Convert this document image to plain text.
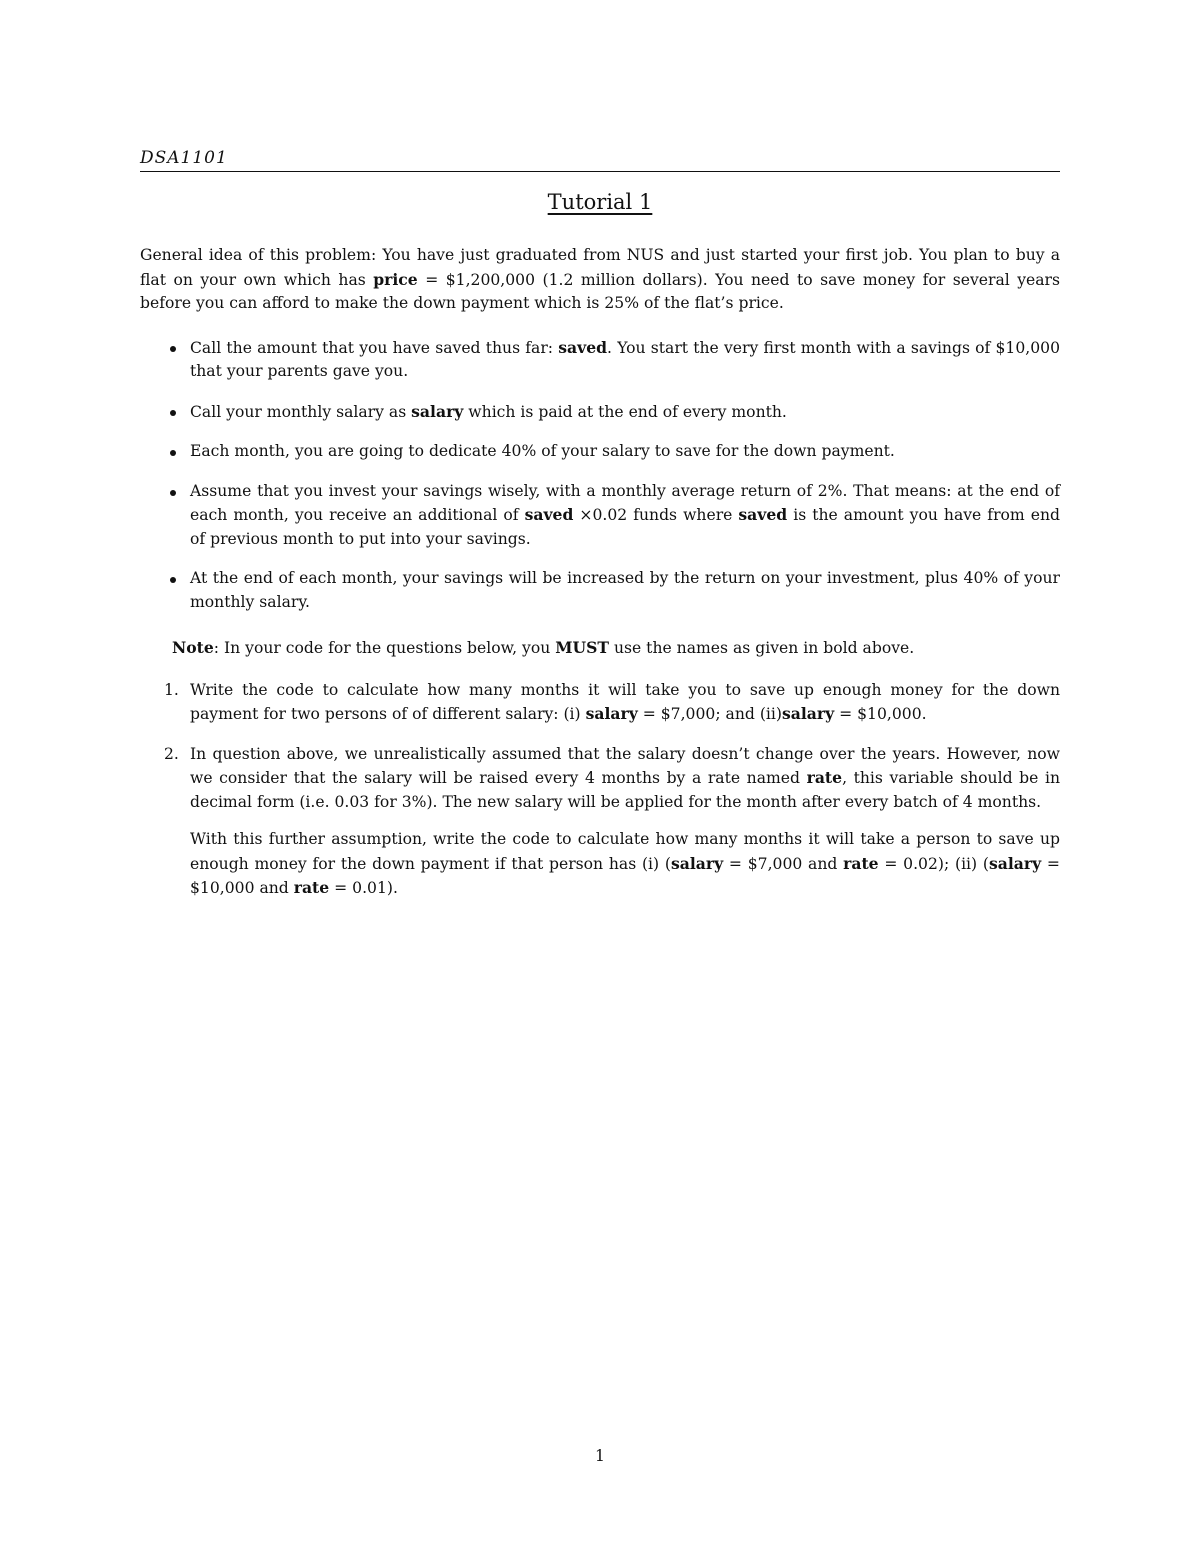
DSA1101
Tutorial 1

General idea of this problem: You have just graduated from NUS and just started your first job. You plan to buy a flat on your own which has price = $1,200,000 (1.2 million dollars). You need to save money for several years before you can afford to make the down payment which is 25% of the flat’s price.

Call the amount that you have saved thus far: saved. You start the very first month with a savings of $10,000 that your parents gave you.
Call your monthly salary as salary which is paid at the end of every month.
Each month, you are going to dedicate 40% of your salary to save for the down payment.
Assume that you invest your savings wisely, with a monthly average return of 2%. That means: at the end of each month, you receive an additional of saved ×0.02 funds where saved is the amount you have from end of previous month to put into your savings.
At the end of each month, your savings will be increased by the return on your investment, plus 40% of your monthly salary.

Note: In your code for the questions below, you MUST use the names as given in bold above.

1. Write the code to calculate how many months it will take you to save up enough money for the down payment for two persons of of different salary: (i) salary = $7,000; and (ii)salary = $10,000.

2. In question above, we unrealistically assumed that the salary doesn’t change over the years. However, now we consider that the salary will be raised every 4 months by a rate named rate, this variable should be in decimal form (i.e. 0.03 for 3%). The new salary will be applied for the month after every batch of 4 months.

With this further assumption, write the code to calculate how many months it will take a person to save up enough money for the down payment if that person has (i) (salary = $7,000 and rate = 0.02); (ii) (salary = $10,000 and rate = 0.01).

1
